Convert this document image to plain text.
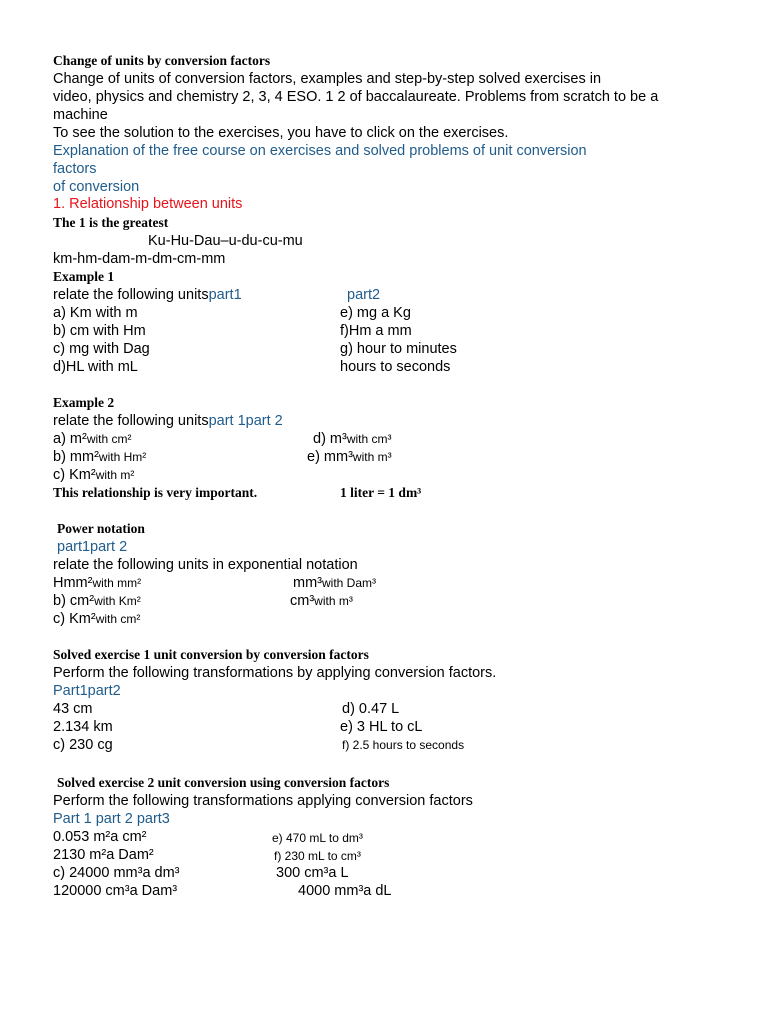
Change of units by conversion factors
Change of units of conversion factors, examples and step-by-step solved exercises in
video, physics and chemistry 2, 3, 4 ESO. 1 2 of baccalaureate. Problems from scratch to be a
machine
To see the solution to the exercises, you have to click on the exercises.
Explanation of the free course on exercises and solved problems of unit conversion
factors
of conversion
1. Relationship between units
The 1 is the greatest
Ku-Hu-Dau–u-du-cu-mu
km-hm-dam-m-dm-cm-mm
Example 1
relate the following unitspart1	part2
a) Km with m
b) cm with Hm
c) mg with Dag
d)HL with mL
e) mg a Kg
f)Hm a mm
g) hour to minutes
hours to seconds
Example 2
relate the following unitspart 1part 2
a) m²with cm²
b) mm²with Hm²
c) Km²with m²
d) m³with cm³
e) mm³with m³
This relationship is very important.	1 liter = 1 dm³
Power notation
part1part 2
relate the following units in exponential notation
Hmm²with mm²
b) cm²with Km²
c) Km²with cm²
mm³with Dam³
cm³with m³
Solved exercise 1 unit conversion by conversion factors
Perform the following transformations by applying conversion factors.
Part1part2
43 cm
2.134 km
c) 230 cg
d) 0.47 L
e) 3 HL to cL
f) 2.5 hours to seconds
Solved exercise 2 unit conversion using conversion factors
Perform the following transformations applying conversion factors
Part 1 part 2 part3
0.053 m²a cm²
2130 m²a Dam²
c) 24000 mm³a dm³
120000 cm³a Dam³
e) 470 mL to dm³
f) 230 mL to cm³
300 cm³a L
4000 mm³a dL
